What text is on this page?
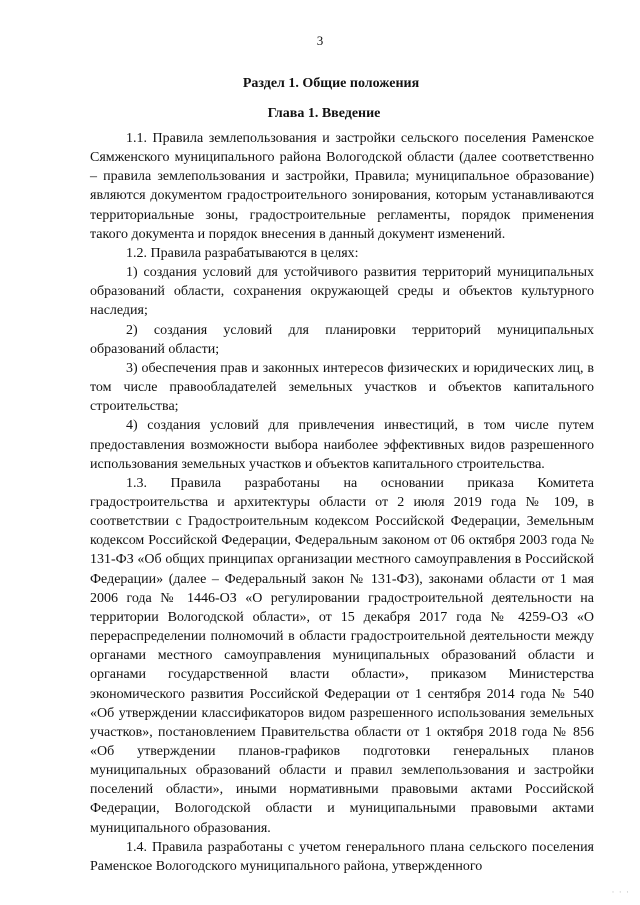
3
Раздел 1. Общие положения
Глава 1. Введение

1.1. Правила землепользования и застройки сельского поселения Раменское Сямженского муниципального района Вологодской области (далее соответственно – правила землепользования и застройки, Правила; муниципальное образование) являются документом градостроительного зонирования, которым устанавливаются территориальные зоны, градостроительные регламенты, порядок применения такого документа и порядок внесения в данный документ изменений.

1.2. Правила разрабатываются в целях:

1) создания условий для устойчивого развития территорий муниципальных образований области, сохранения окружающей среды и объектов культурного наследия;

2) создания условий для планировки территорий муниципальных образований области;

3) обеспечения прав и законных интересов физических и юридических лиц, в том числе правообладателей земельных участков и объектов капитального строительства;

4) создания условий для привлечения инвестиций, в том числе путем предоставления возможности выбора наиболее эффективных видов разрешенного использования земельных участков и объектов капитального строительства.

1.3. Правила разработаны на основании приказа Комитета градостроительства и архитектуры области от 2 июля 2019 года № 109, в соответствии с Градостроительным кодексом Российской Федерации, Земельным кодексом Российской Федерации, Федеральным законом от 06 октября 2003 года № 131-ФЗ «Об общих принципах организации местного самоуправления в Российской Федерации» (далее – Федеральный закон № 131-ФЗ), законами области от 1 мая 2006 года № 1446-ОЗ «О регулировании градостроительной деятельности на территории Вологодской области», от 15 декабря 2017 года № 4259-ОЗ «О перераспределении полномочий в области градостроительной деятельности между органами местного самоуправления муниципальных образований области и органами государственной власти области», приказом Министерства экономического развития Российской Федерации от 1 сентября 2014 года № 540 «Об утверждении классификаторов видом разрешенного использования земельных участков», постановлением Правительства области от 1 октября 2018 года № 856 «Об утверждении планов-графиков подготовки генеральных планов муниципальных образований области и правил землепользования и застройки поселений области», иными нормативными правовыми актами Российской Федерации, Вологодской области и муниципальными правовыми актами муниципального образования.

1.4. Правила разработаны с учетом генерального плана сельского поселения Раменское Вологодского муниципального района, утвержденного

· · ·
